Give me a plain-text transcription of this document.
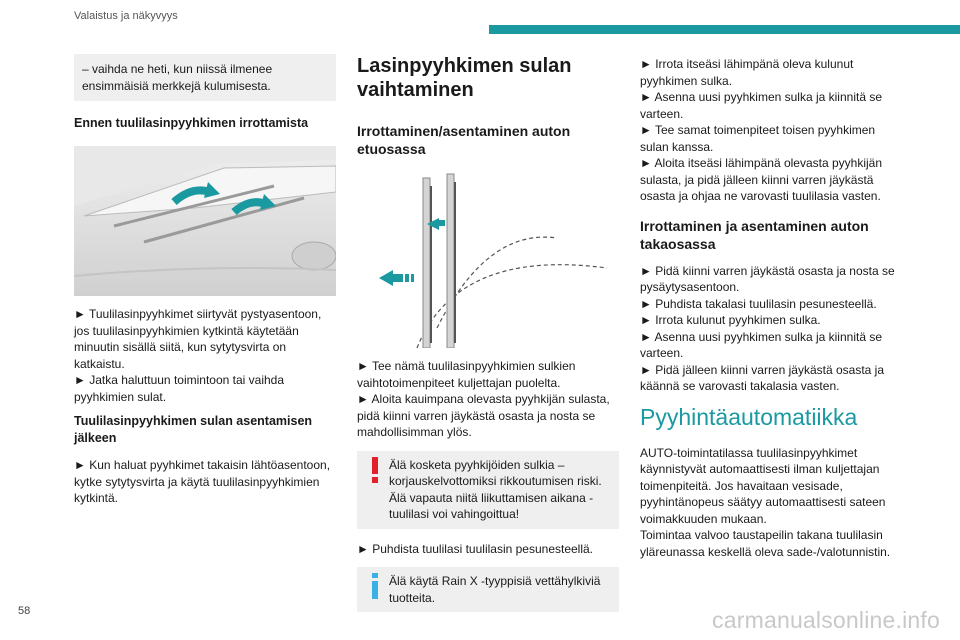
Valaistus ja näkyvyys

– vaihda ne heti, kun niissä ilmenee ensimmäisiä merkkejä kulumisesta.

Ennen tuulilasinpyyhkimen irrottamista

► Tuulilasinpyyhkimet siirtyvät pystyasentoon, jos tuulilasinpyyhkimien kytkintä käytetään minuutin sisällä siitä, kun sytytysvirta on katkaistu.

► Jatka haluttuun toimintoon tai vaihda pyyhkimien sulat.

Tuulilasinpyyhkimen sulan asentamisen jälkeen

► Kun haluat pyyhkimet takaisin lähtöasentoon, kytke sytytysvirta ja käytä tuulilasinpyyhkimien kytkintä.

Lasinpyyhkimen sulan vaihtaminen
Irrottaminen/asentaminen auton etuosassa

► Tee nämä tuulilasinpyyhkimien sulkien vaihtotoimenpiteet kuljettajan puolelta.

► Aloita kauimpana olevasta pyyhkijän sulasta, pidä kiinni varren jäykästä osasta ja nosta se mahdollisimman ylös.

Älä kosketa pyyhkijöiden sulkia – korjauskelvottomiksi rikkoutumisen riski.
Älä vapauta niitä liikuttamisen aikana - tuulilasi voi vahingoittua!

► Puhdista tuulilasi tuulilasin pesunesteellä.

Älä käytä Rain X -tyyppisiä vettähylkiviä tuotteita.

► Irrota itseäsi lähimpänä oleva kulunut pyyhkimen sulka.

► Asenna uusi pyyhkimen sulka ja kiinnitä se varteen.

► Tee samat toimenpiteet toisen pyyhkimen sulan kanssa.

► Aloita itseäsi lähimpänä olevasta pyyhkijän sulasta, ja pidä jälleen kiinni varren jäykästä osasta ja ohjaa ne varovasti tuulilasia vasten.

Irrottaminen ja asentaminen auton takaosassa

► Pidä kiinni varren jäykästä osasta ja nosta se pysäytysasentoon.

► Puhdista takalasi tuulilasin pesunesteellä.

► Irrota kulunut pyyhkimen sulka.

► Asenna uusi pyyhkimen sulka ja kiinnitä se varteen.

► Pidä jälleen kiinni varren jäykästä osasta ja käännä se varovasti takalasia vasten.

Pyyhintäautomatiikka

AUTO-toimintatilassa tuulilasinpyyhkimet käynnistyvät automaattisesti ilman kuljettajan toimenpiteitä. Jos havaitaan vesisade, pyyhintänopeus säätyy automaattisesti sateen voimakkuuden mukaan.
Toimintaa valvoo taustapeilin takana tuulilasin yläreunassa keskellä oleva sade-/valotunnistin.

58	carmanualsonline.info
